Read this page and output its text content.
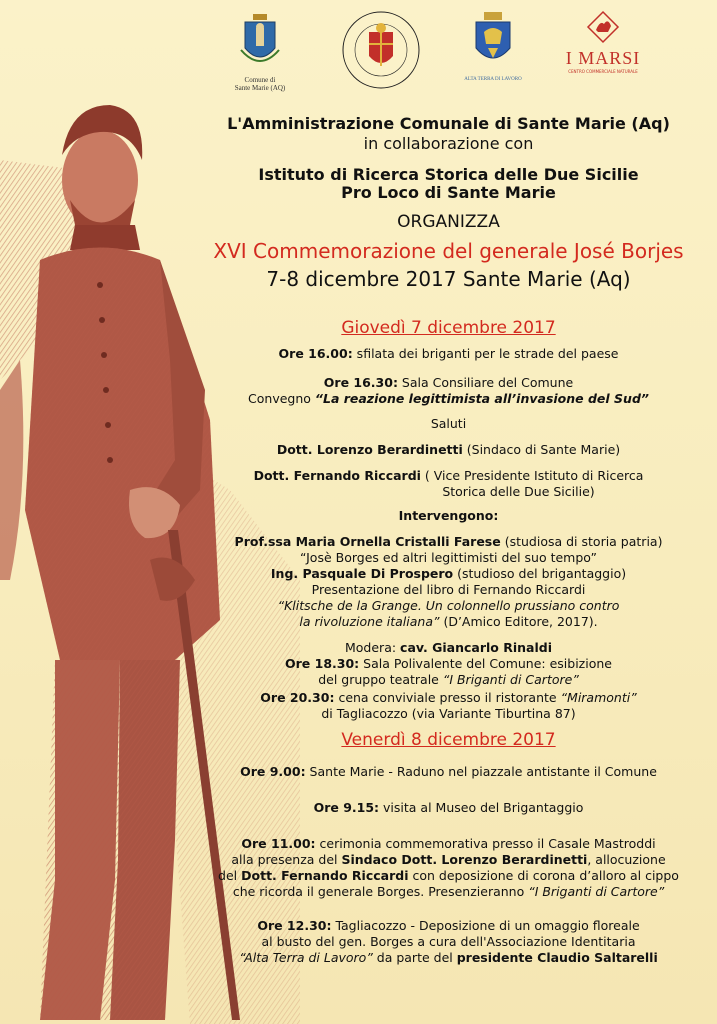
Comune di
Sante Marie (AQ)
ALTA TERRA DI LAVORO
I MARSI
CENTRO COMMERCIALE NATURALE
L'Amministrazione Comunale di Sante Marie (Aq)
in collaborazione con
Istituto di Ricerca Storica delle Due Sicilie
Pro Loco di Sante Marie
ORGANIZZA
XVI Commemorazione del generale José Borjes
7-8 dicembre 2017 Sante Marie (Aq)
Giovedì 7 dicembre 2017
Ore 16.00: sfilata dei briganti per le strade del paese
Ore 16.30: Sala Consiliare del Comune
Convegno “La reazione legittimista all’invasione del Sud”
Saluti
Dott. Lorenzo Berardinetti (Sindaco di Sante Marie)
Dott. Fernando Riccardi ( Vice Presidente Istituto di Ricerca
Storica delle Due Sicilie)
Intervengono:
Prof.ssa Maria Ornella Cristalli Farese (studiosa di storia patria)
“Josè Borges ed altri legittimisti del suo tempo”
Ing. Pasquale Di Prospero (studioso del brigantaggio)
Presentazione del libro di Fernando Riccardi
“Klitsche de la Grange. Un colonnello prussiano contro
la rivoluzione italiana” (D’Amico Editore, 2017).
Modera: cav. Giancarlo Rinaldi
Ore 18.30: Sala Polivalente del Comune: esibizione
del gruppo teatrale “I Briganti di Cartore”
Ore 20.30: cena conviviale presso il ristorante “Miramonti”
di Tagliacozzo (via Variante Tiburtina 87)
Venerdì 8 dicembre 2017
Ore 9.00: Sante Marie - Raduno nel piazzale antistante il Comune
Ore 9.15: visita al Museo del Brigantaggio
Ore 11.00: cerimonia commemorativa presso il Casale Mastroddi
alla presenza del Sindaco Dott. Lorenzo Berardinetti, allocuzione
del Dott. Fernando Riccardi con deposizione di corona d’alloro al cippo
che ricorda il generale Borges. Presenzieranno “I Briganti di Cartore”
Ore 12.30: Tagliacozzo - Deposizione di un omaggio floreale
al busto del gen. Borges a cura dell'Associazione Identitaria
“Alta Terra di Lavoro” da parte del presidente Claudio Saltarelli
